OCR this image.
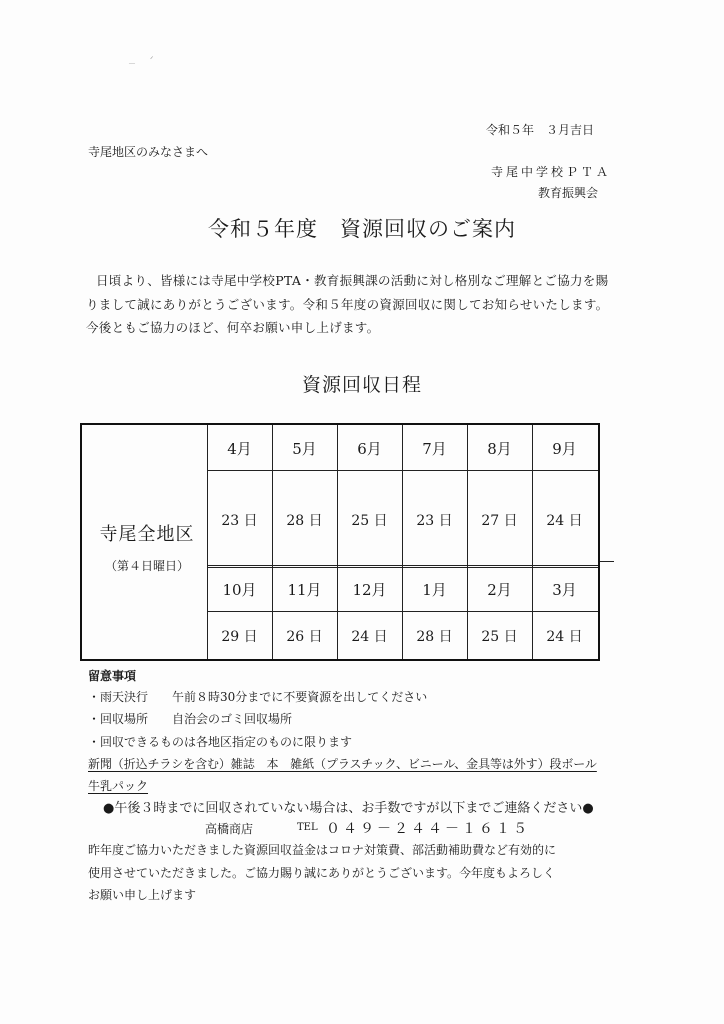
－ ᐟ
令和５年　３月吉日
寺尾地区のみなさまへ
寺尾中学校ＰＴＡ
教育振興会
令和５年度　資源回収のご案内
日頃より、皆様には寺尾中学校PTA・教育振興課の活動に対し格別なご理解とご協力を賜
りまして誠にありがとうございます。令和５年度の資源回収に関してお知らせいたします。
今後ともご協力のほど、何卒お願い申し上げます。
資源回収日程
寺尾全地区
（第４日曜日）
4月	5月	6月	7月	8月	9月
23 日	28 日	25 日	23 日	27 日	24 日
10月	11月	12月	1月	2月	3月
29 日	26 日	24 日	28 日	25 日	24 日
留意事項
・雨天決行　　午前８時30分までに不要資源を出してください
・回収場所　　自治会のゴミ回収場所
・回収できるものは各地区指定のものに限ります
新聞（折込チラシを含む）雑誌　本　雑紙（プラスチック、ビニール、金具等は外す）段ボール
牛乳パック
●午後３時までに回収されていない場合は、お手数ですが以下までご連絡ください●
高橋商店	TEL ０４９－２４４－１６１５
昨年度ご協力いただきました資源回収益金はコロナ対策費、部活動補助費など有効的に
使用させていただきました。ご協力賜り誠にありがとうございます。今年度もよろしく
お願い申し上げます
